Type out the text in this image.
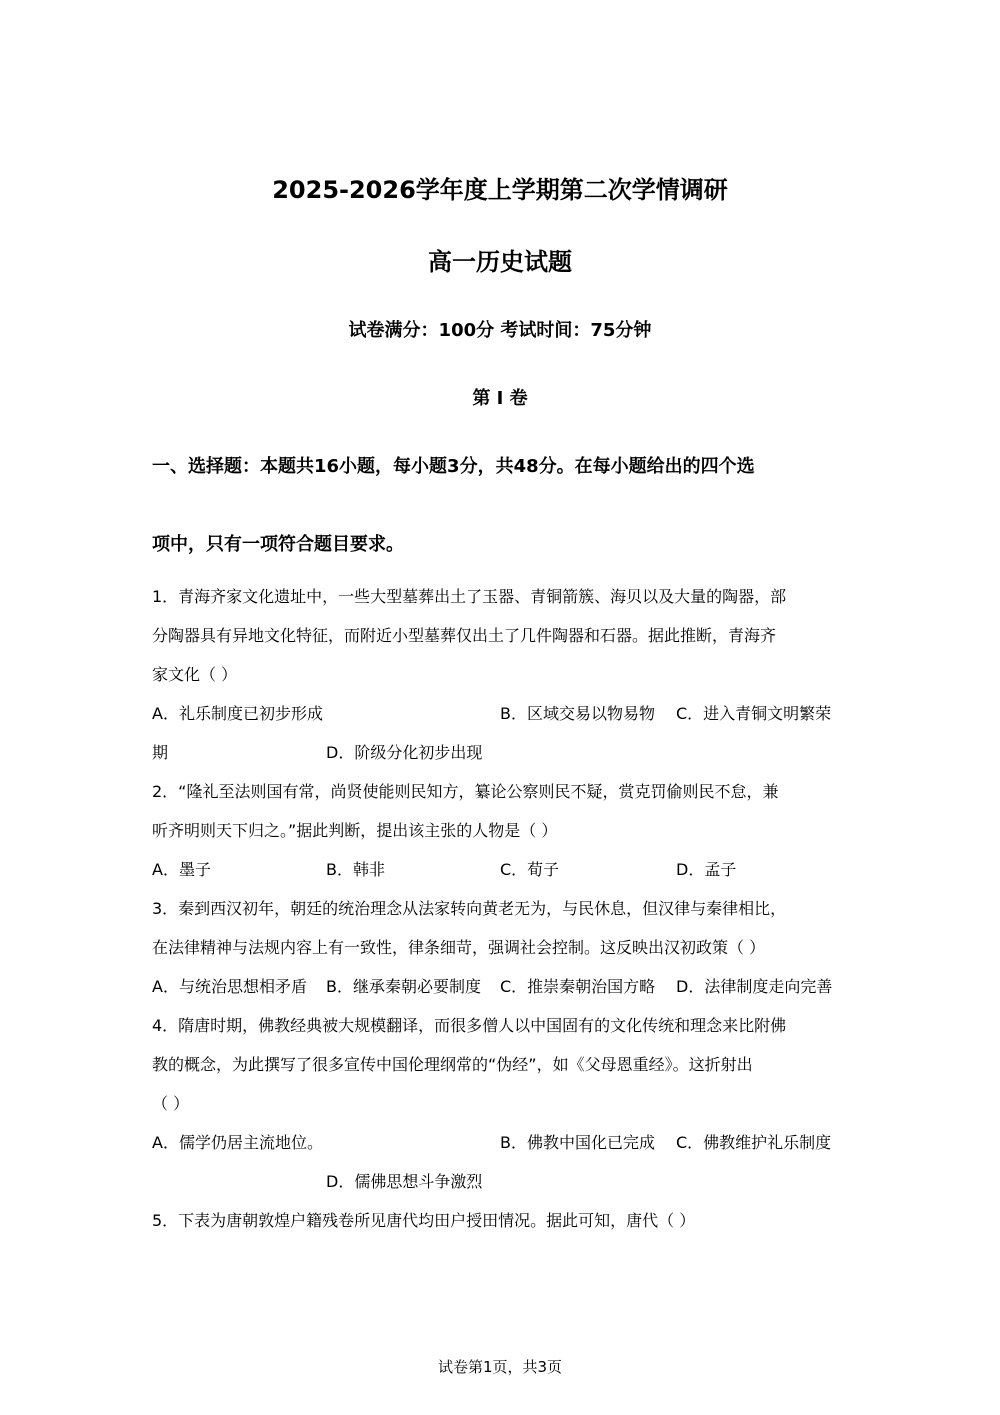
2025-2026学年度上学期第二次学情调研
高一历史试题
试卷满分：100分 考试时间：75分钟
第 I 卷
一、选择题：本题共16小题，每小题3分，共48分。在每小题给出的四个选
项中，只有一项符合题目要求。
1．青海齐家文化遗址中，一些大型墓葬出土了玉器、青铜箭簇、海贝以及大量的陶器，部
分陶器具有异地文化特征，而附近小型墓葬仅出土了几件陶器和石器。据此推断，青海齐
家文化（ ）
A．礼乐制度已初步形成	B．区域交易以物易物 C．进入青铜文明繁荣
期	D．阶级分化初步出现
2．“隆礼至法则国有常，尚贤使能则民知方，纂论公察则民不疑，赏克罚偷则民不怠，兼
听齐明则天下归之。”据此判断，提出该主张的人物是（ ）
A．墨子	B．韩非	C．荀子	D．孟子
3．秦到西汉初年，朝廷的统治理念从法家转向黄老无为，与民休息，但汉律与秦律相比，
在法律精神与法规内容上有一致性，律条细苛，强调社会控制。这反映出汉初政策（ ）
A．与统治思想相矛盾 B．继承秦朝必要制度 C．推崇秦朝治国方略 D．法律制度走向完善
4．隋唐时期，佛教经典被大规模翻译，而很多僧人以中国固有的文化传统和理念来比附佛
教的概念，为此撰写了很多宣传中国伦理纲常的“伪经”，如《父母恩重经》。这折射出
（ ）
A．儒学仍居主流地位。	B．佛教中国化已完成 C．佛教维护礼乐制度
D．儒佛思想斗争激烈
5．下表为唐朝敦煌户籍残卷所见唐代均田户授田情况。据此可知，唐代（ ）
试卷第1页，共3页
